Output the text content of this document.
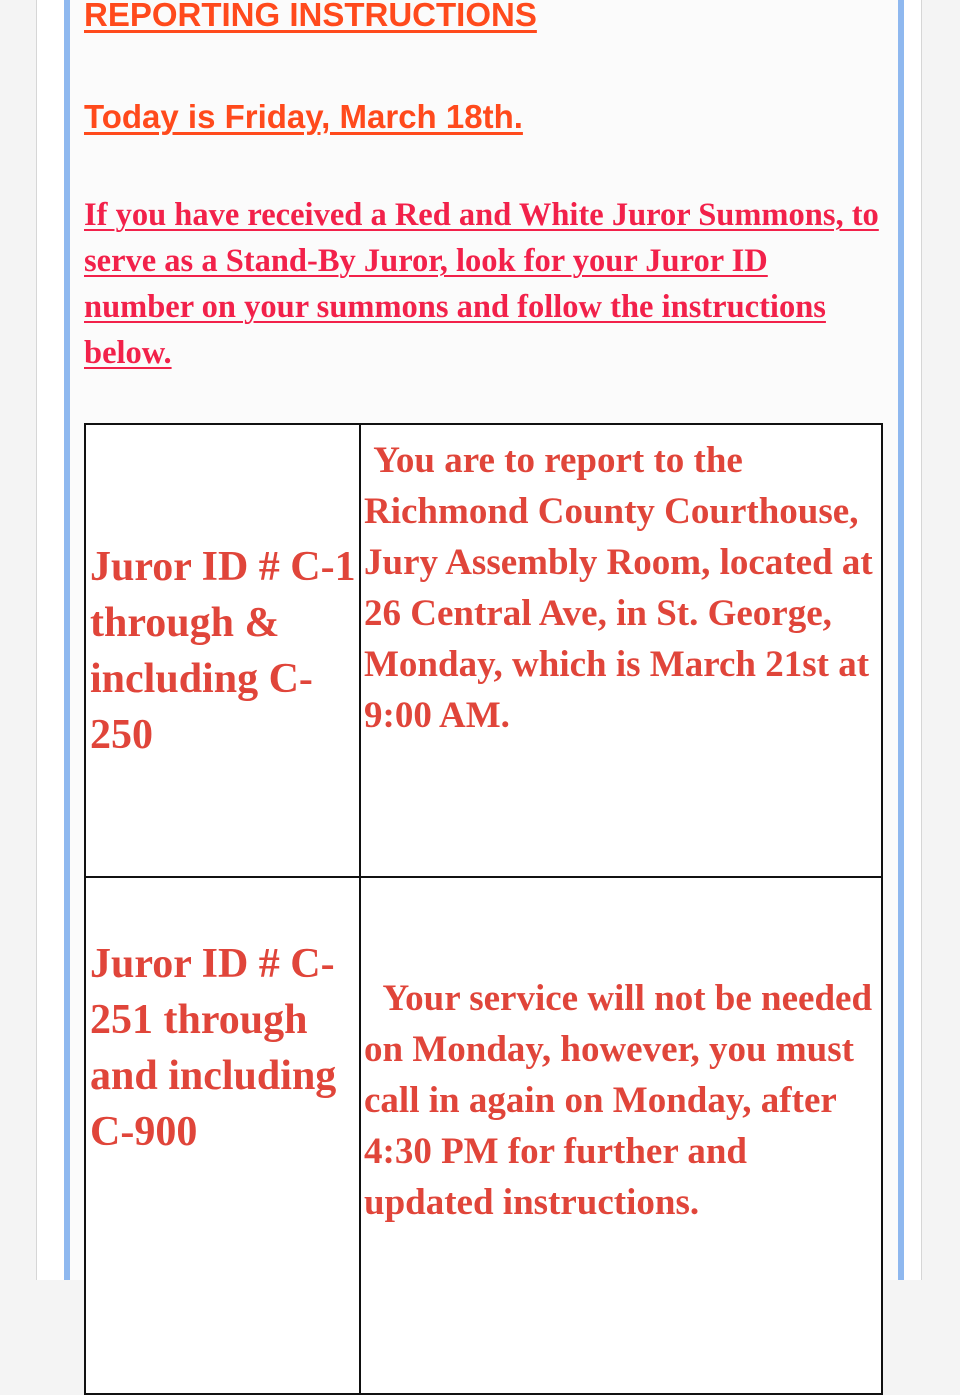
REPORTING INSTRUCTIONS

Today is Friday, March 18th.

If you have received a Red and White Juror Summons, to serve as a Stand-By Juror, look for your Juror ID number on your summons and follow the instructions below.

Juror ID # C-1 through & including C-250	You are to report to the Richmond County Courthouse, Jury Assembly Room, located at 26 Central Ave, in St. George, Monday, which is March 21st at 9:00 AM.
Juror ID # C-251 through and including C-900	Your service will not be needed on Monday, however, you must call in again on Monday, after 4:30 PM for further and updated instructions.
